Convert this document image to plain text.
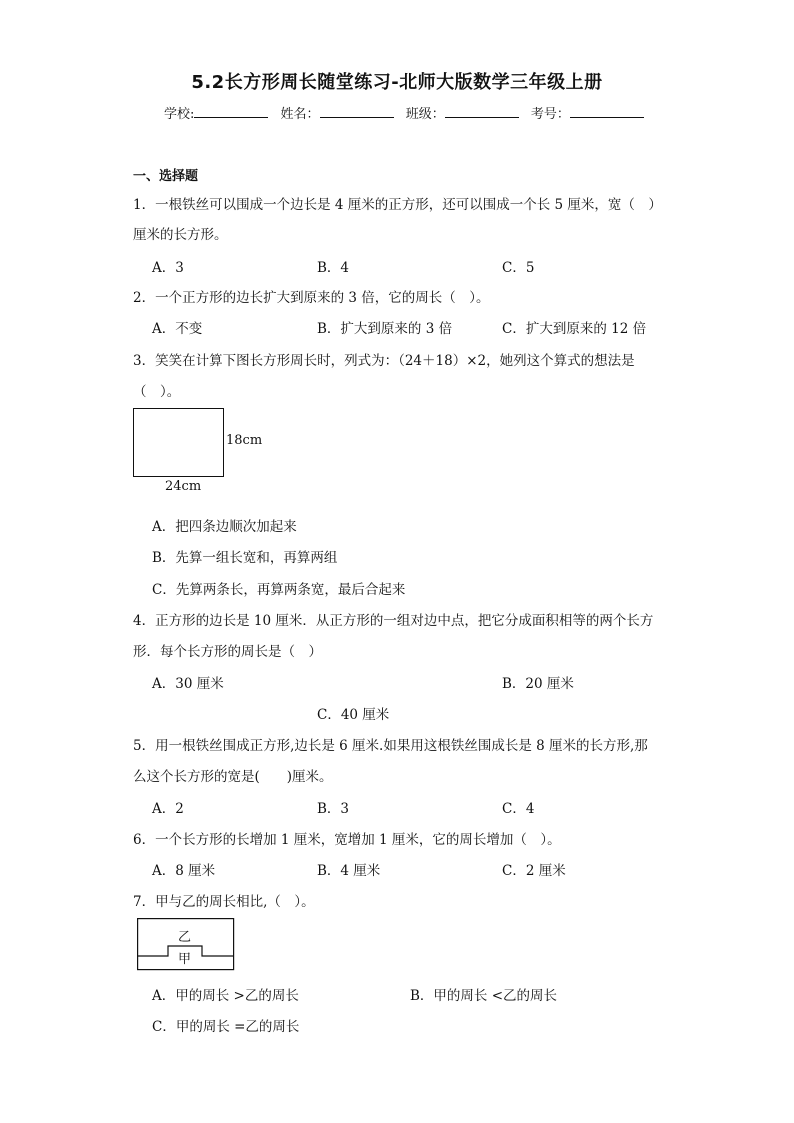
5.2长方形周长随堂练习-北师大版数学三年级上册
学校:	姓名：	班级：	考号：
一、选择题
1．一根铁丝可以围成一个边长是 4 厘米的正方形，还可以围成一个长 5 厘米，宽（　）
厘米的长方形。
A．3	B．4	C．5
2．一个正方形的边长扩大到原来的 3 倍，它的周长（　）。
A．不变	B．扩大到原来的 3 倍	C．扩大到原来的 12 倍
3．笑笑在计算下图长方形周长时，列式为：（24＋18）×2，她列这个算式的想法是
（　）。
18cm
24cm
A．把四条边顺次加起来
B．先算一组长宽和，再算两组
C．先算两条长，再算两条宽，最后合起来
4．正方形的边长是 10 厘米．从正方形的一组对边中点，把它分成面积相等的两个长方
形．每个长方形的周长是（　）
A．30 厘米	B．20 厘米
C．40 厘米
5．用一根铁丝围成正方形,边长是 6 厘米.如果用这根铁丝围成长是 8 厘米的长方形,那
么这个长方形的宽是(　　)厘米。
A．2	B．3	C．4
6．一个长方形的长增加 1 厘米，宽增加 1 厘米，它的周长增加（　）。
A．8 厘米	B．4 厘米	C．2 厘米
7．甲与乙的周长相比,（　）。
乙
甲
A．甲的周长 >乙的周长	B．甲的周长 <乙的周长
C．甲的周长 =乙的周长
